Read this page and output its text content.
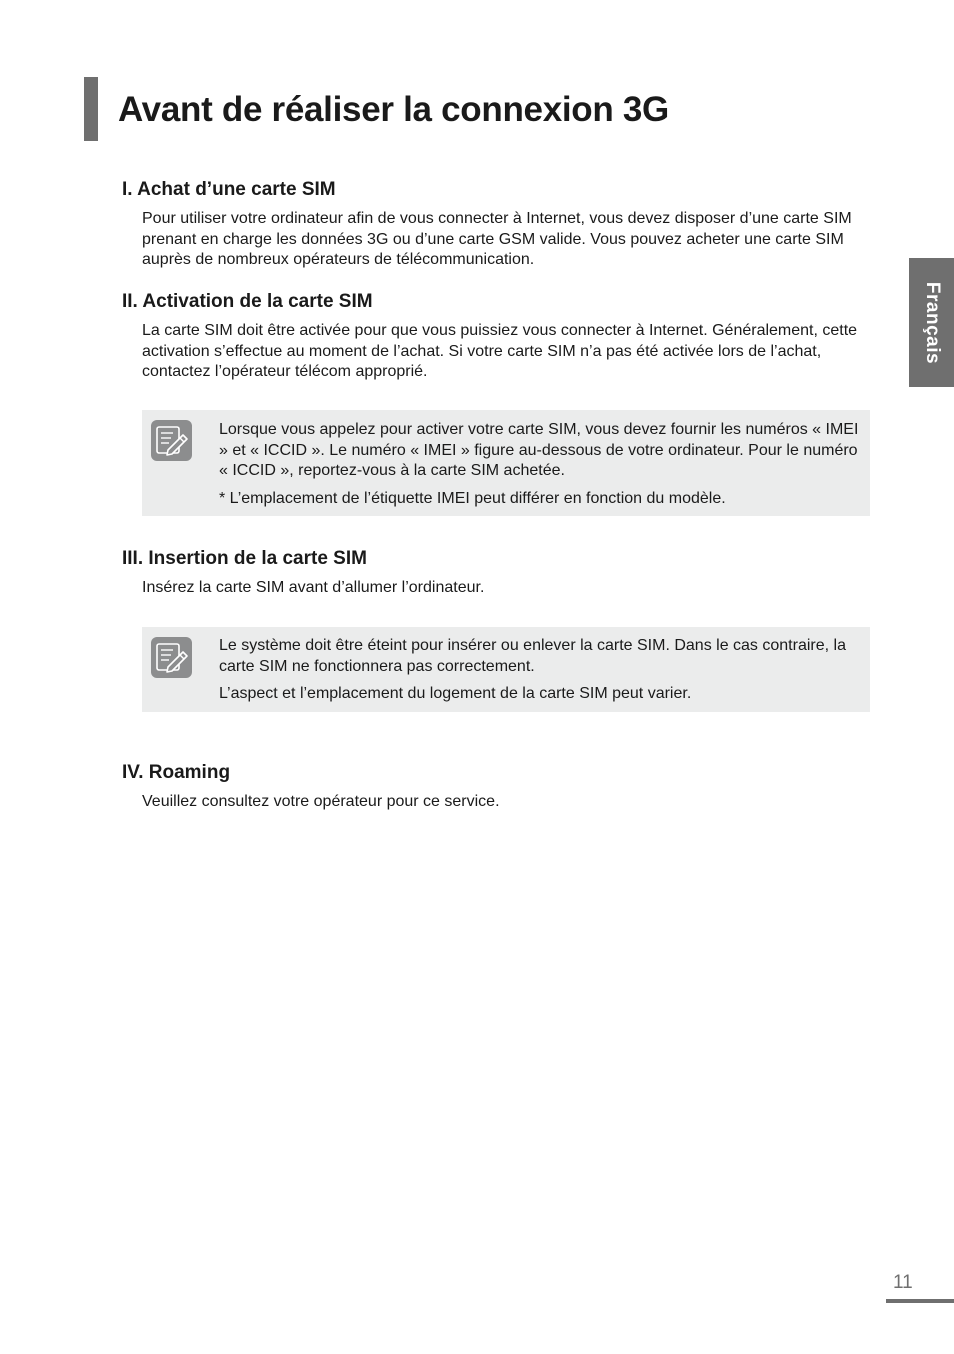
Avant de réaliser la connexion 3G
Français
I. Achat d’une carte SIM

Pour utiliser votre ordinateur afin de vous connecter à Internet, vous devez disposer d’une carte SIM prenant en charge les données 3G ou d’une carte GSM valide. Vous pouvez acheter une carte SIM auprès de nombreux opérateurs de télécommunication.

II. Activation de la carte SIM

La carte SIM doit être activée pour que vous puissiez vous connecter à Internet. Généralement, cette activation s’effectue au moment de l’achat. Si votre carte SIM n’a pas été activée lors de l’achat, contactez l’opérateur télécom approprié.

Lorsque vous appelez pour activer votre carte SIM, vous devez fournir les numéros « IMEI » et « ICCID ». Le numéro « IMEI » figure au-dessous de votre ordinateur. Pour le numéro « ICCID », reportez-vous à la carte SIM achetée.

* L’emplacement de l’étiquette IMEI peut différer en fonction du modèle.

III. Insertion de la carte SIM

Insérez la carte SIM avant d’allumer l’ordinateur.

Le système doit être éteint pour insérer ou enlever la carte SIM. Dans le cas contraire, la carte SIM ne fonctionnera pas correctement.

L’aspect et l’emplacement du logement de la carte SIM peut varier.

IV. Roaming

Veuillez consultez votre opérateur pour ce service.

11
